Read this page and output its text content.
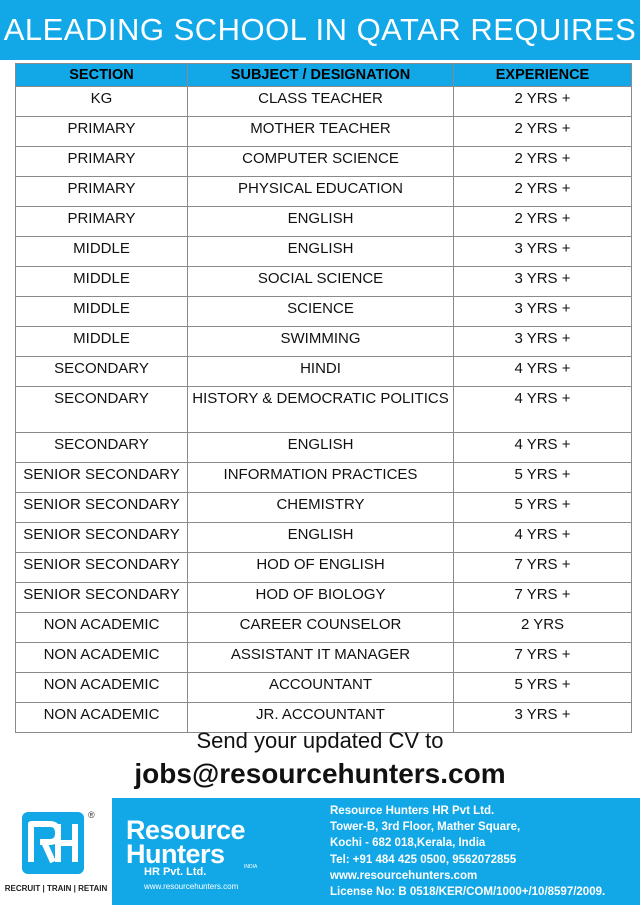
ALEADING SCHOOL IN QATAR REQUIRES
SECTION	SUBJECT / DESIGNATION	EXPERIENCE
KG	CLASS TEACHER	2 YRS +
PRIMARY	MOTHER TEACHER	2 YRS +
PRIMARY	COMPUTER SCIENCE	2 YRS +
PRIMARY	PHYSICAL EDUCATION	2 YRS +
PRIMARY	ENGLISH	2 YRS +
MIDDLE	ENGLISH	3 YRS +
MIDDLE	SOCIAL SCIENCE	3 YRS +
MIDDLE	SCIENCE	3 YRS +
MIDDLE	SWIMMING	3 YRS +
SECONDARY	HINDI	4 YRS +
SECONDARY	HISTORY & DEMOCRATIC POLITICS	4 YRS +
SECONDARY	ENGLISH	4 YRS +
SENIOR SECONDARY	INFORMATION PRACTICES	5 YRS +
SENIOR SECONDARY	CHEMISTRY	5 YRS +
SENIOR SECONDARY	ENGLISH	4 YRS +
SENIOR SECONDARY	HOD OF ENGLISH	7 YRS +
SENIOR SECONDARY	HOD OF BIOLOGY	7 YRS +
NON ACADEMIC	CAREER COUNSELOR	2 YRS
NON ACADEMIC	ASSISTANT IT MANAGER	7 YRS +
NON ACADEMIC	ACCOUNTANT	5 YRS +
NON ACADEMIC	JR. ACCOUNTANT	3 YRS +
Send your updated CV to
jobs@resourcehunters.com
®
RECRUIT | TRAIN | RETAIN
Resource
Hunters
HR Pvt. Ltd.	INDIA
www.resourcehunters.com
Resource Hunters HR Pvt Ltd.
Tower-B, 3rd Floor, Mather Square,
Kochi - 682 018,Kerala, India
Tel: +91 484 425 0500, 9562072855
www.resourcehunters.com
License No: B 0518/KER/COM/1000+/10/8597/2009.
